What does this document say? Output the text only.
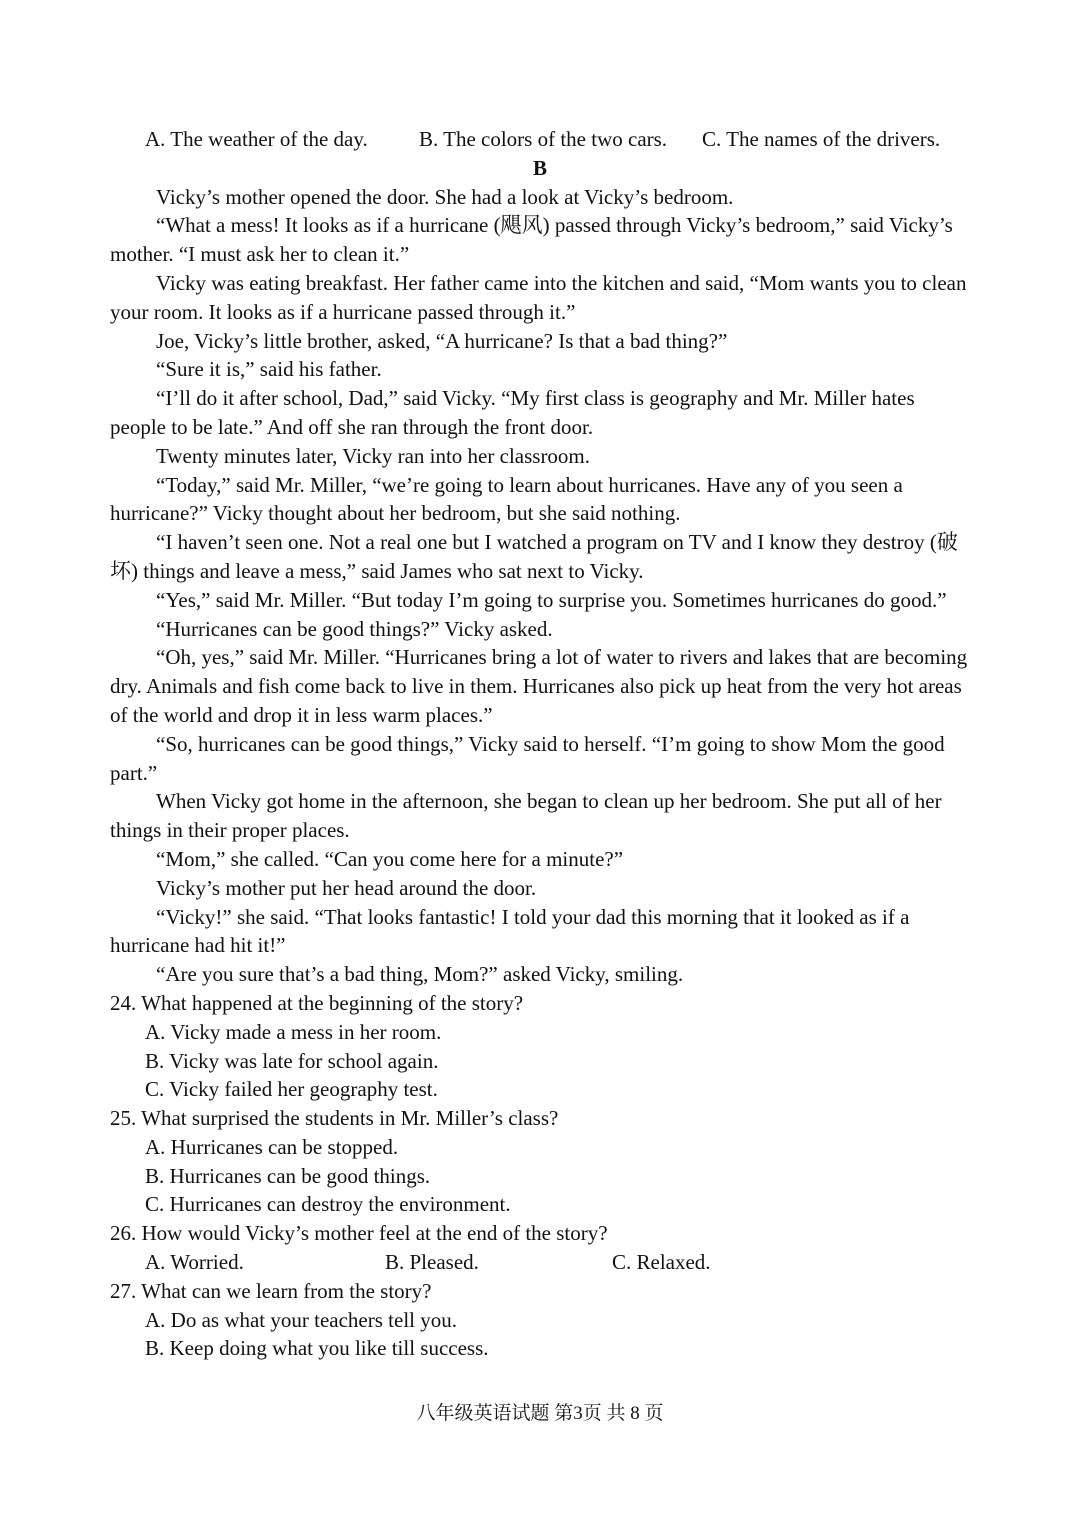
A. The weather of the day.	B. The colors of the two cars.	C. The names of the drivers.
B

Vicky’s mother opened the door. She had a look at Vicky’s bedroom.

“What a mess! It looks as if a hurricane (飓风) passed through Vicky’s bedroom,” said Vicky’s mother. “I must ask her to clean it.”

Vicky was eating breakfast. Her father came into the kitchen and said, “Mom wants you to clean your room. It looks as if a hurricane passed through it.”

Joe, Vicky’s little brother, asked, “A hurricane? Is that a bad thing?”

“Sure it is,” said his father.

“I’ll do it after school, Dad,” said Vicky. “My first class is geography and Mr. Miller hates people to be late.” And off she ran through the front door.

Twenty minutes later, Vicky ran into her classroom.

“Today,” said Mr. Miller, “we’re going to learn about hurricanes. Have any of you seen a hurricane?” Vicky thought about her bedroom, but she said nothing.

“I haven’t seen one. Not a real one but I watched a program on TV and I know they destroy (破坏) things and leave a mess,” said James who sat next to Vicky.

“Yes,” said Mr. Miller. “But today I’m going to surprise you. Sometimes hurricanes do good.”

“Hurricanes can be good things?” Vicky asked.

“Oh, yes,” said Mr. Miller. “Hurricanes bring a lot of water to rivers and lakes that are becoming dry. Animals and fish come back to live in them. Hurricanes also pick up heat from the very hot areas of the world and drop it in less warm places.”

“So, hurricanes can be good things,” Vicky said to herself. “I’m going to show Mom the good part.”

When Vicky got home in the afternoon, she began to clean up her bedroom. She put all of her things in their proper places.

“Mom,” she called. “Can you come here for a minute?”

Vicky’s mother put her head around the door.

“Vicky!” she said. “That looks fantastic! I told your dad this morning that it looked as if a hurricane had hit it!”

“Are you sure that’s a bad thing, Mom?” asked Vicky, smiling.

24. What happened at the beginning of the story?
A. Vicky made a mess in her room.
B. Vicky was late for school again.
C. Vicky failed her geography test.
25. What surprised the students in Mr. Miller’s class?
A. Hurricanes can be stopped.
B. Hurricanes can be good things.
C. Hurricanes can destroy the environment.
26. How would Vicky’s mother feel at the end of the story?
A. Worried.	B. Pleased.	C. Relaxed.
27. What can we learn from the story?
A. Do as what your teachers tell you.
B. Keep doing what you like till success.
八年级英语试题 第3页 共 8 页
